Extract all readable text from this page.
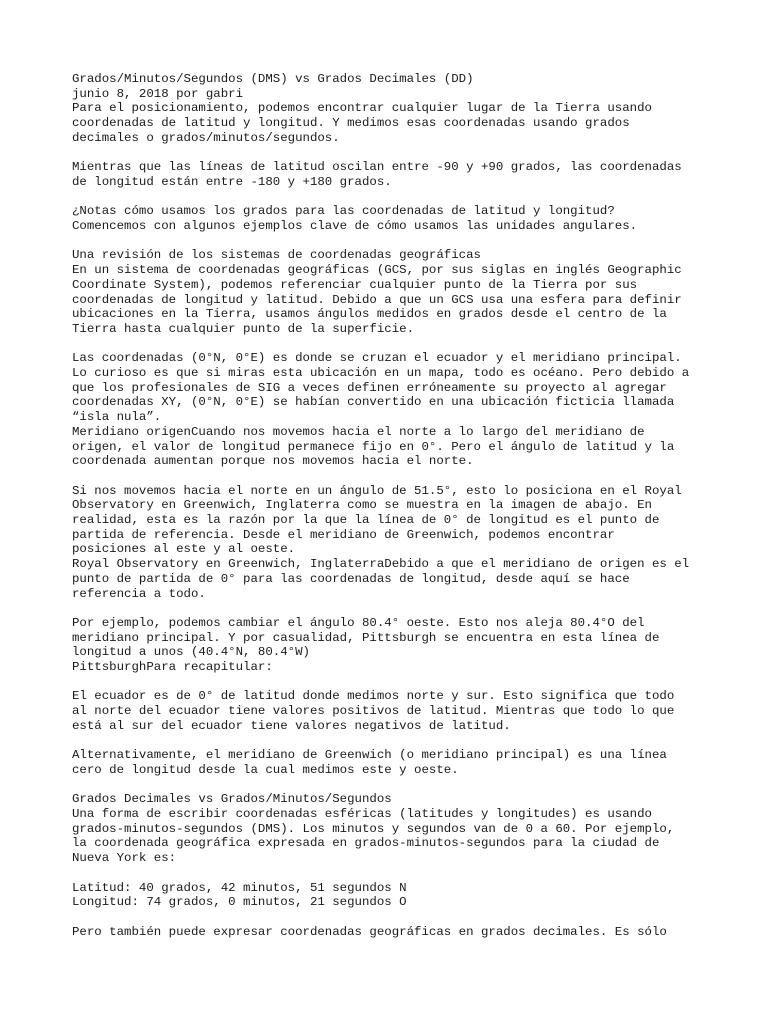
Grados/Minutos/Segundos (DMS) vs Grados Decimales (DD)
junio 8, 2018 por gabri
Para el posicionamiento, podemos encontrar cualquier lugar de la Tierra usando
coordenadas de latitud y longitud. Y medimos esas coordenadas usando grados
decimales o grados/minutos/segundos.
Mientras que las líneas de latitud oscilan entre -90 y +90 grados, las coordenadas
de longitud están entre -180 y +180 grados.
¿Notas cómo usamos los grados para las coordenadas de latitud y longitud?
Comencemos con algunos ejemplos clave de cómo usamos las unidades angulares.
Una revisión de los sistemas de coordenadas geográficas
En un sistema de coordenadas geográficas (GCS, por sus siglas en inglés Geographic
Coordinate System), podemos referenciar cualquier punto de la Tierra por sus
coordenadas de longitud y latitud. Debido a que un GCS usa una esfera para definir
ubicaciones en la Tierra, usamos ángulos medidos en grados desde el centro de la
Tierra hasta cualquier punto de la superficie.
Las coordenadas (0°N, 0°E) es donde se cruzan el ecuador y el meridiano principal.
Lo curioso es que si miras esta ubicación en un mapa, todo es océano. Pero debido a
que los profesionales de SIG a veces definen erróneamente su proyecto al agregar
coordenadas XY, (0°N, 0°E) se habían convertido en una ubicación ficticia llamada
“isla nula”.
Meridiano origenCuando nos movemos hacia el norte a lo largo del meridiano de
origen, el valor de longitud permanece fijo en 0°. Pero el ángulo de latitud y la
coordenada aumentan porque nos movemos hacia el norte.
Si nos movemos hacia el norte en un ángulo de 51.5°, esto lo posiciona en el Royal
Observatory en Greenwich, Inglaterra como se muestra en la imagen de abajo. En
realidad, esta es la razón por la que la línea de 0° de longitud es el punto de
partida de referencia. Desde el meridiano de Greenwich, podemos encontrar
posiciones al este y al oeste.
Royal Observatory en Greenwich, InglaterraDebido a que el meridiano de origen es el
punto de partida de 0° para las coordenadas de longitud, desde aquí se hace
referencia a todo.
Por ejemplo, podemos cambiar el ángulo 80.4° oeste. Esto nos aleja 80.4°O del
meridiano principal. Y por casualidad, Pittsburgh se encuentra en esta línea de
longitud a unos (40.4°N, 80.4°W)
PittsburghPara recapitular:
El ecuador es de 0° de latitud donde medimos norte y sur. Esto significa que todo
al norte del ecuador tiene valores positivos de latitud. Mientras que todo lo que
está al sur del ecuador tiene valores negativos de latitud.
Alternativamente, el meridiano de Greenwich (o meridiano principal) es una línea
cero de longitud desde la cual medimos este y oeste.
Grados Decimales vs Grados/Minutos/Segundos
Una forma de escribir coordenadas esféricas (latitudes y longitudes) es usando
grados-minutos-segundos (DMS). Los minutos y segundos van de 0 a 60. Por ejemplo,
la coordenada geográfica expresada en grados-minutos-segundos para la ciudad de
Nueva York es:
Latitud: 40 grados, 42 minutos, 51 segundos N
Longitud: 74 grados, 0 minutos, 21 segundos O
Pero también puede expresar coordenadas geográficas en grados decimales. Es sólo
